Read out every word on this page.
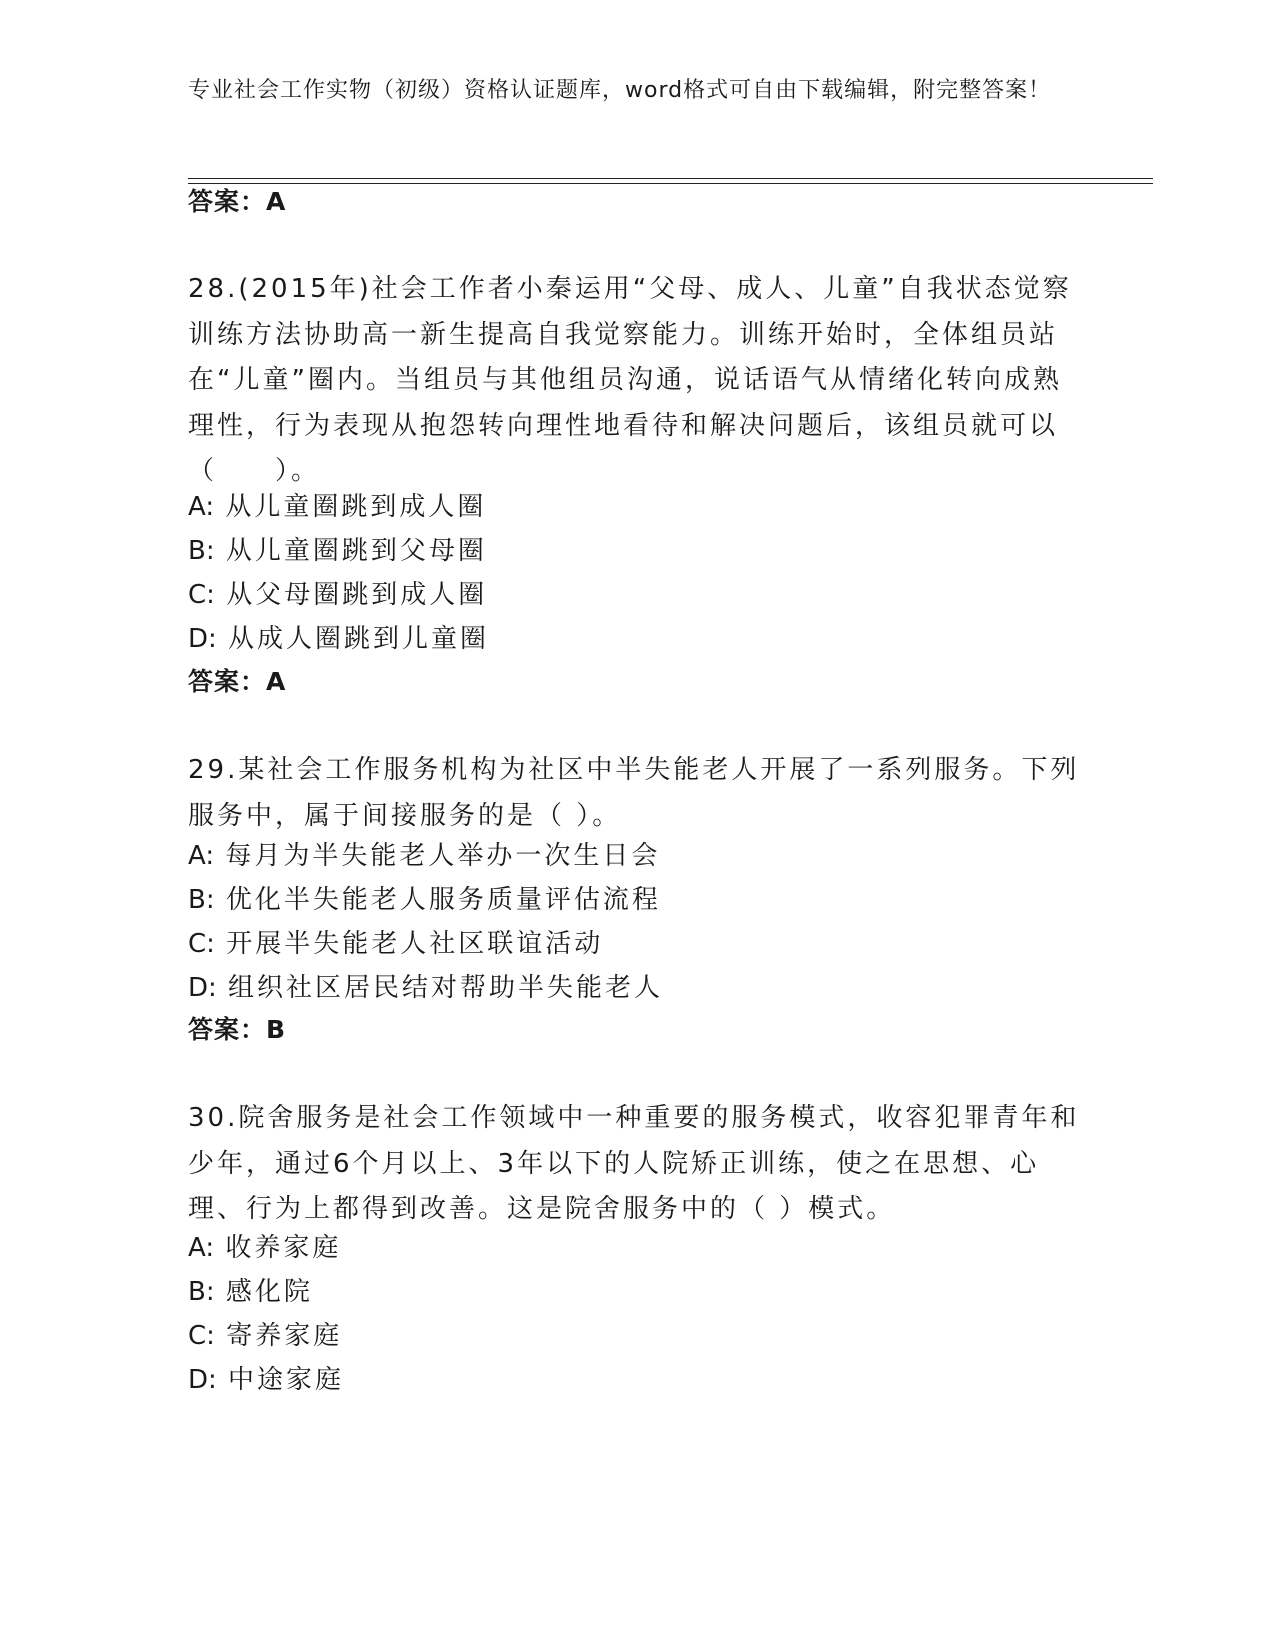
专业社会工作实物（初级）资格认证题库，word格式可自由下载编辑，附完整答案！
答案：A
28.(2015年)社会工作者小秦运用“父母、成人、儿童”自我状态觉察训练方法协助高一新生提高自我觉察能力。训练开始时，全体组员站在“儿童”圈内。当组员与其他组员沟通，说话语气从情绪化转向成熟理性，行为表现从抱怨转向理性地看待和解决问题后，该组员就可以（　　）。
A: 从儿童圈跳到成人圈
B: 从儿童圈跳到父母圈
C: 从父母圈跳到成人圈
D: 从成人圈跳到儿童圈
答案：A
29.某社会工作服务机构为社区中半失能老人开展了一系列服务。下列服务中，属于间接服务的是（ ）。
A: 每月为半失能老人举办一次生日会
B: 优化半失能老人服务质量评估流程
C: 开展半失能老人社区联谊活动
D: 组织社区居民结对帮助半失能老人
答案：B
30.院舍服务是社会工作领域中一种重要的服务模式，收容犯罪青年和少年，通过6个月以上、3年以下的人院矫正训练，使之在思想、心理、行为上都得到改善。这是院舍服务中的（ ）模式。
A: 收养家庭
B: 感化院
C: 寄养家庭
D: 中途家庭
